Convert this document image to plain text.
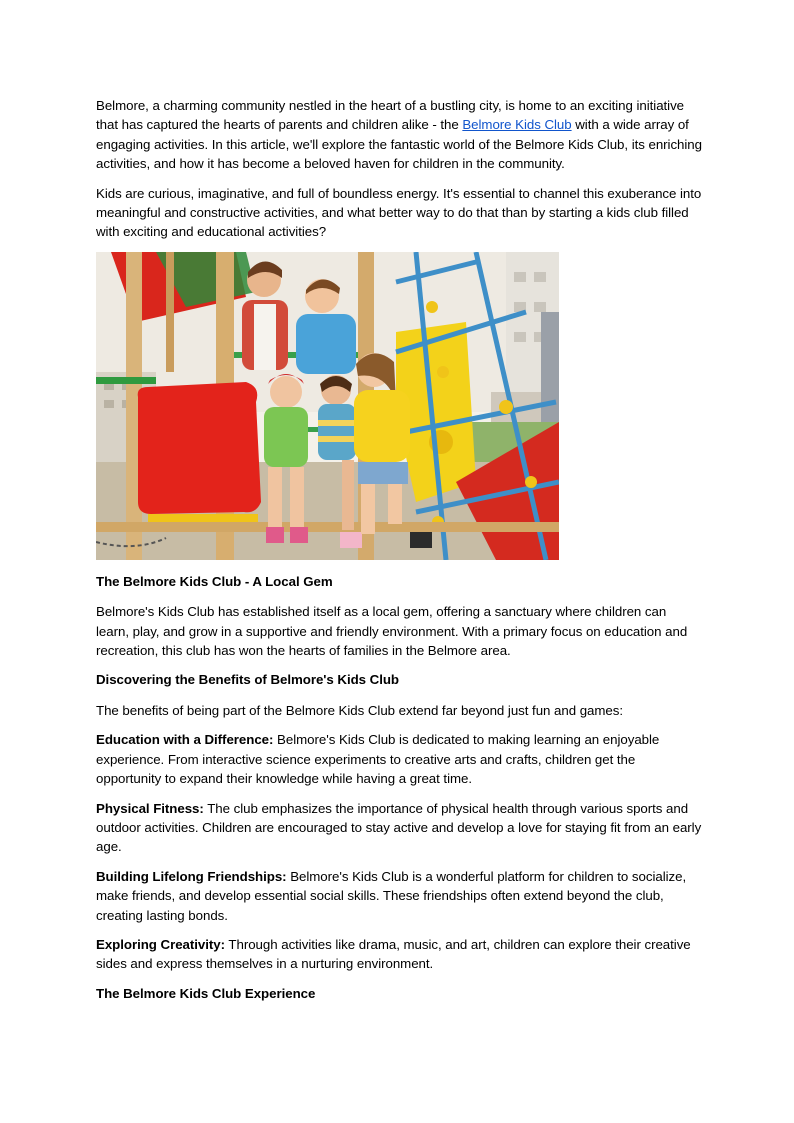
Belmore, a charming community nestled in the heart of a bustling city, is home to an exciting initiative that has captured the hearts of parents and children alike - the Belmore Kids Club with a wide array of engaging activities. In this article, we'll explore the fantastic world of the Belmore Kids Club, its enriching activities, and how it has become a beloved haven for children in the community.

Kids are curious, imaginative, and full of boundless energy. It's essential to channel this exuberance into meaningful and constructive activities, and what better way to do that than by starting a kids club filled with exciting and educational activities?

The Belmore Kids Club - A Local Gem

Belmore's Kids Club has established itself as a local gem, offering a sanctuary where children can learn, play, and grow in a supportive and friendly environment. With a primary focus on education and recreation, this club has won the hearts of families in the Belmore area.

Discovering the Benefits of Belmore's Kids Club

The benefits of being part of the Belmore Kids Club extend far beyond just fun and games:

Education with a Difference: Belmore's Kids Club is dedicated to making learning an enjoyable experience. From interactive science experiments to creative arts and crafts, children get the opportunity to expand their knowledge while having a great time.

Physical Fitness: The club emphasizes the importance of physical health through various sports and outdoor activities. Children are encouraged to stay active and develop a love for staying fit from an early age.

Building Lifelong Friendships: Belmore's Kids Club is a wonderful platform for children to socialize, make friends, and develop essential social skills. These friendships often extend beyond the club, creating lasting bonds.

Exploring Creativity: Through activities like drama, music, and art, children can explore their creative sides and express themselves in a nurturing environment.

The Belmore Kids Club Experience
